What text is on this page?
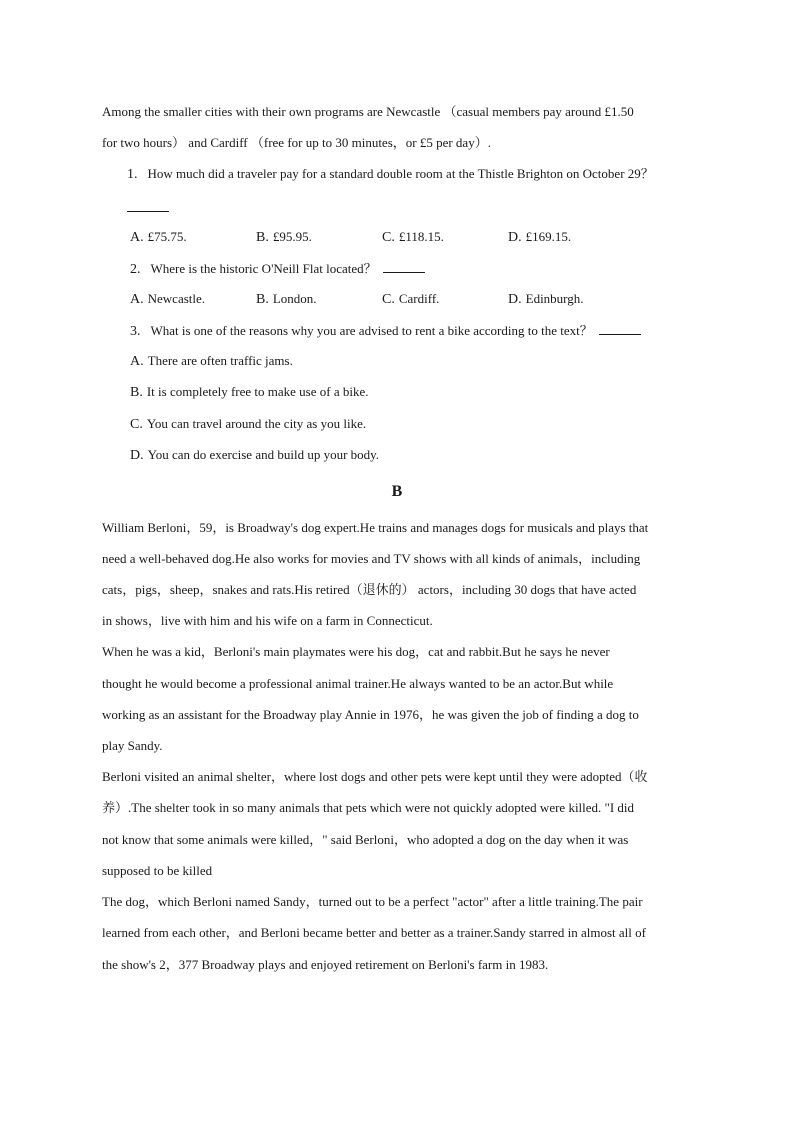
Among the smaller cities with their own programs are Newcastle （casual members pay around £1.50
for two hours） and Cardiff （free for up to 30 minutes，or £5 per day）.
1. How much did a traveler pay for a standard double room at the Thistle Brighton on October 29？
A. £75.75.	B. £95.95.	C. £118.15.	D. £169.15.
2. Where is the historic O'Neill Flat located？
A. Newcastle.	B. London.	C. Cardiff.	D. Edinburgh.
3. What is one of the reasons why you are advised to rent a bike according to the text？
A. There are often traffic jams.
B. It is completely free to make use of a bike.
C. You can travel around the city as you like.
D. You can do exercise and build up your body.
B
William Berloni，59，is Broadway's dog expert.He trains and manages dogs for musicals and plays that
need a well-behaved dog.He also works for movies and TV shows with all kinds of animals，including
cats，pigs，sheep，snakes and rats.His retired（退休的） actors，including 30 dogs that have acted
in shows，live with him and his wife on a farm in Connecticut.
When he was a kid，Berloni's main playmates were his dog，cat and rabbit.But he says he never
thought he would become a professional animal trainer.He always wanted to be an actor.But while
working as an assistant for the Broadway play Annie in 1976，he was given the job of finding a dog to
play Sandy.
Berloni visited an animal shelter，where lost dogs and other pets were kept until they were adopted（收
养）.The shelter took in so many animals that pets which were not quickly adopted were killed. "I did
not know that some animals were killed，" said Berloni，who adopted a dog on the day when it was
supposed to be killed
The dog，which Berloni named Sandy，turned out to be a perfect "actor" after a little training.The pair
learned from each other，and Berloni became better and better as a trainer.Sandy starred in almost all of
the show's 2，377 Broadway plays and enjoyed retirement on Berloni's farm in 1983.
